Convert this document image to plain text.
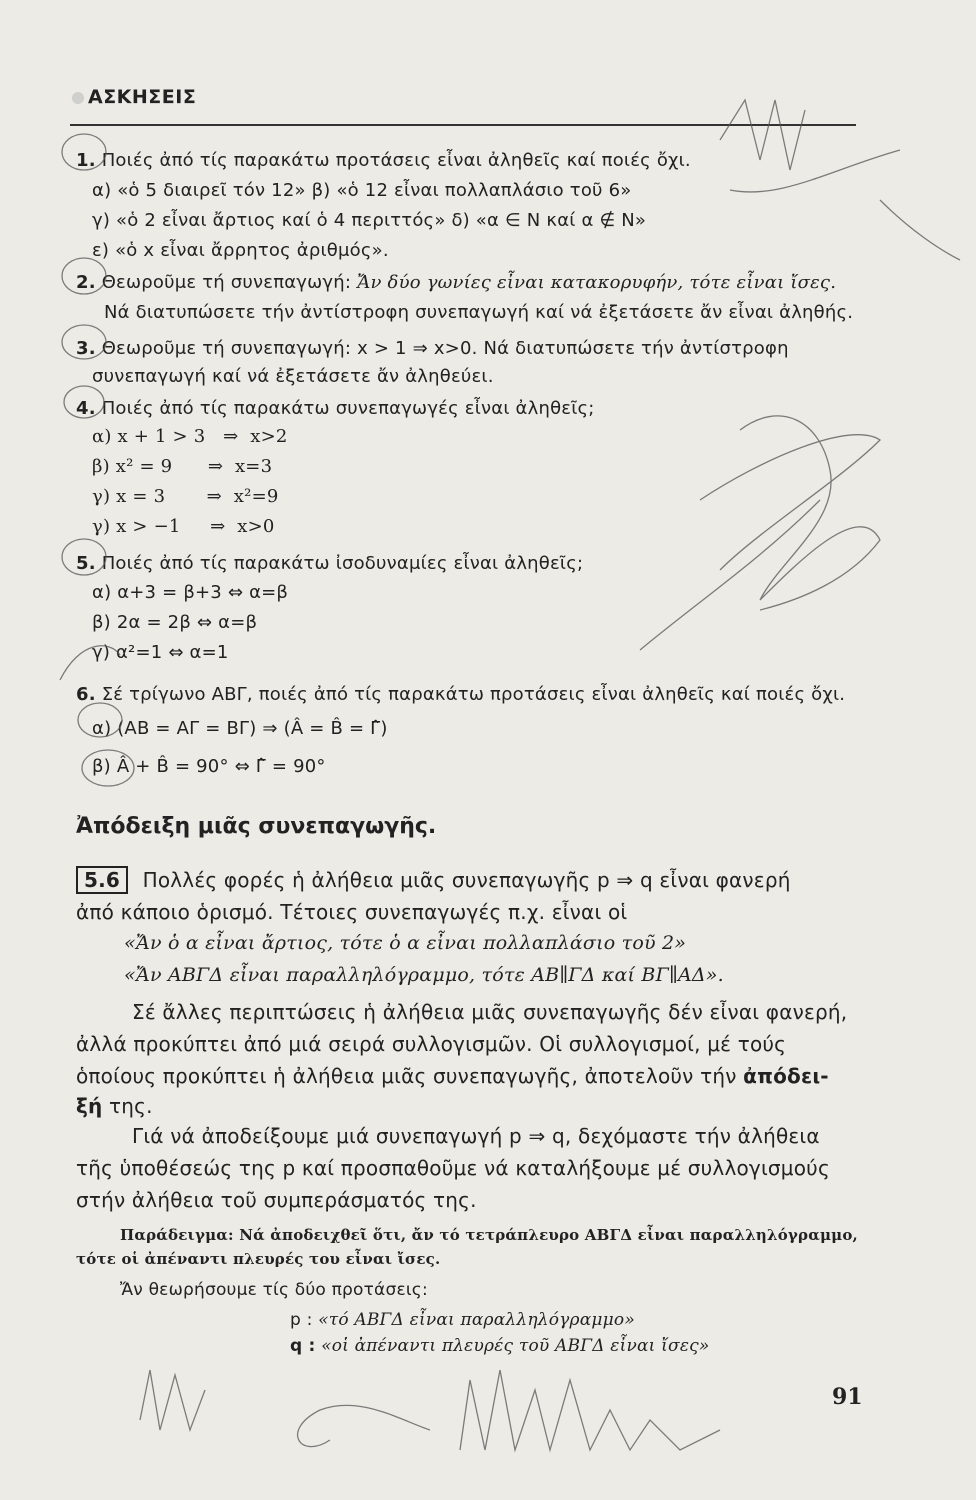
ΑΣΚΗΣΕΙΣ
1. Ποιές ἀπό τίς παρακάτω προτάσεις εἶναι ἀληθεῖς καί ποιές ὄχι.
α) «ὁ 5 διαιρεῖ τόν 12» β) «ὁ 12 εἶναι πολλαπλάσιο τοῦ 6»
γ) «ὁ 2 εἶναι ἄρτιος καί ὁ 4 περιττός» δ) «α ∈ N καί α ∉ N»
ε) «ὁ x εἶναι ἄρρητος ἀριθμός».
2. Θεωροῦμε τή συνεπαγωγή: Ἄν δύο γωνίες εἶναι κατακορυφήν, τότε εἶναι ἴσες.
Νά διατυπώσετε τήν ἀντίστροφη συνεπαγωγή καί νά ἐξετάσετε ἄν εἶναι ἀληθής.
3. Θεωροῦμε τή συνεπαγωγή: x > 1 ⇒ x>0. Νά διατυπώσετε τήν ἀντίστροφη
συνεπαγωγή καί νά ἐξετάσετε ἄν ἀληθεύει.
4. Ποιές ἀπό τίς παρακάτω συνεπαγωγές εἶναι ἀληθεῖς;
α) x + 1 > 3   ⇒  x>2
β) x² = 9      ⇒  x=3
γ) x = 3       ⇒  x²=9
γ) x > −1     ⇒  x>0
5. Ποιές ἀπό τίς παρακάτω ἰσοδυναμίες εἶναι ἀληθεῖς;
α) α+3 = β+3 ⇔ α=β
β) 2α = 2β ⇔ α=β
γ) α²=1 ⇔ α=1
6. Σέ τρίγωνο ΑΒΓ, ποιές ἀπό τίς παρακάτω προτάσεις εἶναι ἀληθεῖς καί ποιές ὄχι.
α) (ΑΒ = ΑΓ = ΒΓ) ⇒ (Â = B̂ = Γ̂)
β) Â + B̂ = 90° ⇔ Γ̂ = 90°
Ἀπόδειξη μιᾶς συνεπαγωγῆς.
5.6 Πολλές φορές ἡ ἀλήθεια μιᾶς συνεπαγωγῆς p ⇒ q εἶναι φανερή
ἀπό κάποιο ὁρισμό. Τέτοιες συνεπαγωγές π.χ. εἶναι οἱ
«Ἄν ὁ α εἶναι ἄρτιος, τότε ὁ α εἶναι πολλαπλάσιο τοῦ 2»
«Ἄν ΑΒΓΔ εἶναι παραλληλόγραμμο, τότε ΑΒ∥ΓΔ καί ΒΓ∥ΑΔ».
Σέ ἄλλες περιπτώσεις ἡ ἀλήθεια μιᾶς συνεπαγωγῆς δέν εἶναι φανερή,
ἀλλά προκύπτει ἀπό μιά σειρά συλλογισμῶν. Οἱ συλλογισμοί, μέ τούς
ὁποίους προκύπτει ἡ ἀλήθεια μιᾶς συνεπαγωγῆς, ἀποτελοῦν τήν ἀπόδει-
ξή της.
Γιά νά ἀποδείξουμε μιά συνεπαγωγή p ⇒ q, δεχόμαστε τήν ἀλήθεια
τῆς ὑποθέσεώς της p καί προσπαθοῦμε νά καταλήξουμε μέ συλλογισμούς
στήν ἀλήθεια τοῦ συμπεράσματός της.
Παράδειγμα: Νά ἀποδειχθεῖ ὅτι, ἄν τό τετράπλευρο ΑΒΓΔ εἶναι παραλληλόγραμμο,
τότε οἱ ἀπέναντι πλευρές του εἶναι ἴσες.
Ἄν θεωρήσουμε τίς δύο προτάσεις:
p : «τό ΑΒΓΔ εἶναι παραλληλόγραμμο»
q : «οἱ ἀπέναντι πλευρές τοῦ ΑΒΓΔ εἶναι ἴσες»
91
